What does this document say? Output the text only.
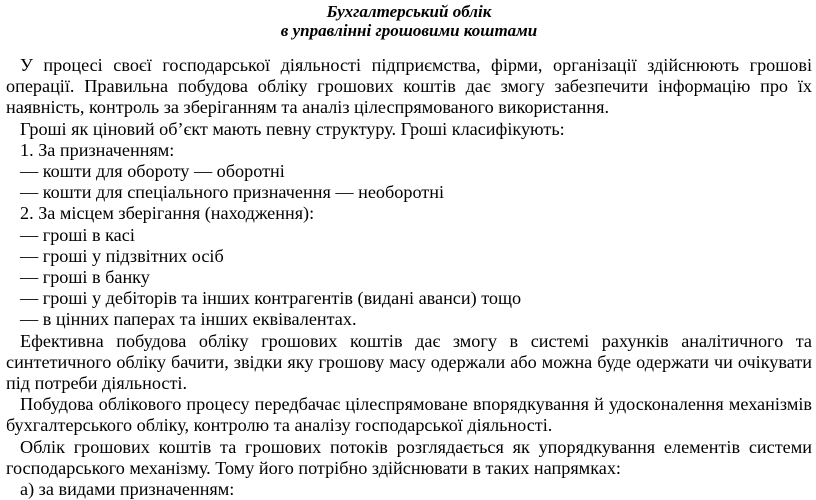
Бухгалтерський облік

в управлінні грошовими коштами

У процесі своєї господарської діяльності підприємства, фірми, організації здійснюють грошові операції. Правильна побудова обліку грошових коштів дає змогу забезпечити інформацію про їх наявність, контроль за зберіганням та аналіз цілеспрямованого використання.

Гроші як ціновий об’єкт мають певну структуру. Гроші класифікують:

1. За призначенням:
— кошти для обороту — оборотні
— кошти для спеціального призначення — необоротні
2. За місцем зберігання (находження):
— гроші в касі
— гроші у підзвітних осіб
— гроші в банку
— гроші у дебіторів та інших контрагентів (видані аванси) тощо
— в цінних паперах та інших еквівалентах.

Ефективна побудова обліку грошових коштів дає змогу в системі рахунків аналітичного та синтетичного обліку бачити, звідки яку грошову масу одержали або можна буде одержати чи очікувати під потреби діяльності.

Побудова облікового процесу передбачає цілеспрямоване впорядкування й удосконалення механізмів бухгалтерського обліку, контролю та аналізу господарської діяльності.

Облік грошових коштів та грошових потоків розглядається як упорядкування елементів системи господарського механізму. Тому його потрібно здійснювати в таких напрямках:

а) за видами призначенням:
